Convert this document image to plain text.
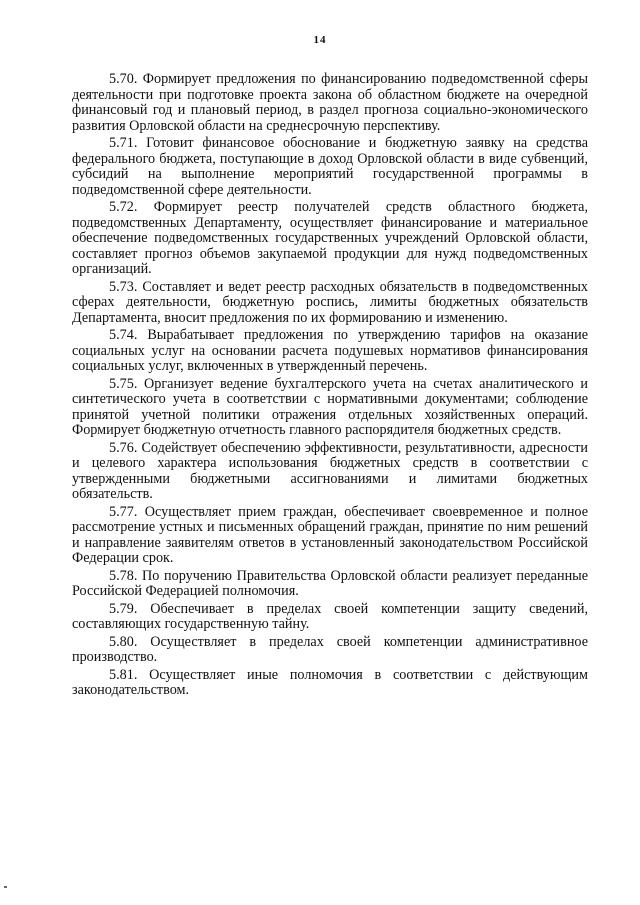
14

5.70. Формирует предложения по финансированию подведомственной сферы деятельности при подготовке проекта закона об областном бюджете на очередной финансовый год и плановый период, в раздел прогноза социально-экономического развития Орловской области на среднесрочную перспективу.

5.71. Готовит финансовое обоснование и бюджетную заявку на средства федерального бюджета, поступающие в доход Орловской области в виде субвенций, субсидий на выполнение мероприятий государственной программы в подведомственной сфере деятельности.

5.72. Формирует реестр получателей средств областного бюджета, подведомственных Департаменту, осуществляет финансирование и материальное обеспечение подведомственных государственных учреждений Орловской области, составляет прогноз объемов закупаемой продукции для нужд подведомственных организаций.

5.73. Составляет и ведет реестр расходных обязательств в подведомственных сферах деятельности, бюджетную роспись, лимиты бюджетных обязательств Департамента, вносит предложения по их формированию и изменению.

5.74. Вырабатывает предложения по утверждению тарифов на оказание социальных услуг на основании расчета подушевых нормативов финансирования социальных услуг, включенных в утвержденный перечень.

5.75. Организует ведение бухгалтерского учета на счетах аналитического и синтетического учета в соответствии с нормативными документами; соблюдение принятой учетной политики отражения отдельных хозяйственных операций. Формирует бюджетную отчетность главного распорядителя бюджетных средств.

5.76. Содействует обеспечению эффективности, результативности, адресности и целевого характера использования бюджетных средств в соответствии с утвержденными бюджетными ассигнованиями и лимитами бюджетных обязательств.

5.77. Осуществляет прием граждан, обеспечивает своевременное и полное рассмотрение устных и письменных обращений граждан, принятие по ним решений и направление заявителям ответов в установленный законодательством Российской Федерации срок.

5.78. По поручению Правительства Орловской области реализует переданные Российской Федерацией полномочия.

5.79. Обеспечивает в пределах своей компетенции защиту сведений, составляющих государственную тайну.

5.80. Осуществляет в пределах своей компетенции административное производство.

5.81. Осуществляет иные полномочия в соответствии с действующим законодательством.
